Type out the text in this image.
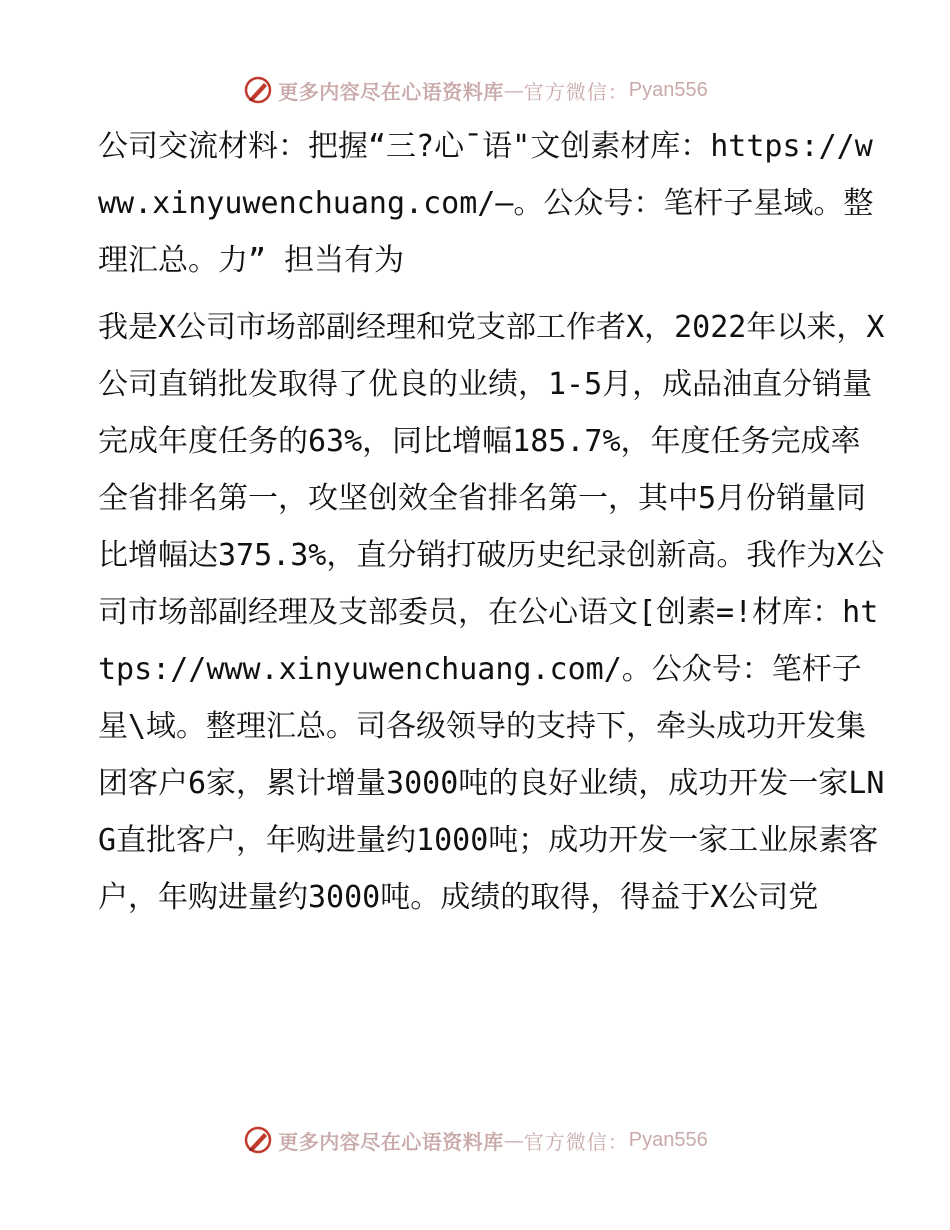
更多内容尽在心语资料库 — 官方微信： Pyan556

公司交流材料：把握“三?心¯语"文创素材库：https://www.xinyuwenchuang.com/—。公众号：笔杆子星域。整理汇总。力” 担当有为

我是X公司市场部副经理和党支部工作者X，2022年以来，X公司直销批发取得了优良的业绩，1-5月，成品油直分销量完成年度任务的63%，同比增幅185.7%，年度任务完成率全省排名第一，攻坚创效全省排名第一，其中5月份销量同比增幅达375.3%，直分销打破历史纪录创新高。我作为X公司市场部副经理及支部委员，在公心语文[创素=!材库：https://www.xinyuwenchuang.com/。公众号：笔杆子星\域。整理汇总。司各级领导的支持下，牵头成功开发集团客户6家，累计增量3000吨的良好业绩，成功开发一家LNG直批客户，年购进量约1000吨；成功开发一家工业尿素客户，年购进量约3000吨。成绩的取得，得益于X公司党

更多内容尽在心语资料库 — 官方微信： Pyan556
